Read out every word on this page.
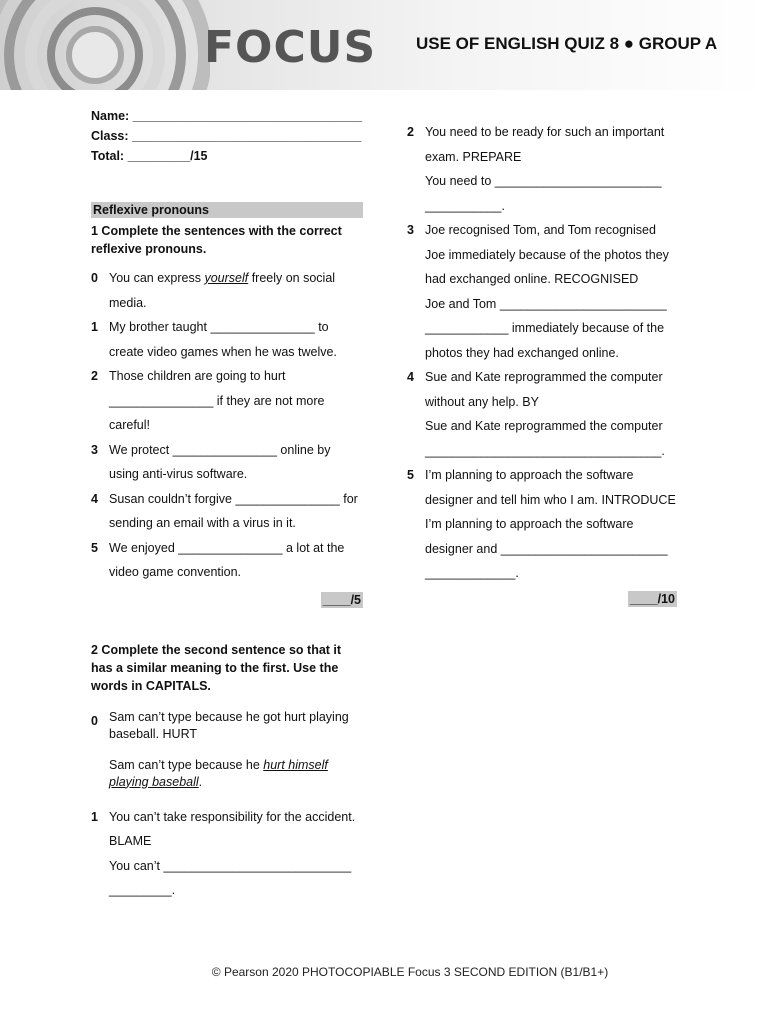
FOCUS USE OF ENGLISH QUIZ 8 ● GROUP A
Name: _________________________________
Class: _________________________________
Total: _________/15
Reflexive pronouns
1 Complete the sentences with the correct reflexive pronouns.
0 You can express yourself freely on social media.
1 My brother taught _______________ to create video games when he was twelve.
2 Those children are going to hurt _______________ if they are not more careful!
3 We protect _______________ online by using anti-virus software.
4 Susan couldn’t forgive _______________ for sending an email with a virus in it.
5 We enjoyed _______________ a lot at the video game convention.
____/5
2 Complete the second sentence so that it has a similar meaning to the first. Use the words in CAPITALS.
0 Sam can’t type because he got hurt playing baseball. HURT
Sam can’t type because he hurt himself playing baseball.
1 You can’t take responsibility for the accident. BLAME
You can’t ___________________________ _________.
2 You need to be ready for such an important exam. PREPARE
You need to ________________________ ___________.
3 Joe recognised Tom, and Tom recognised Joe immediately because of the photos they had exchanged online. RECOGNISED
Joe and Tom ________________________ ____________ immediately because of the photos they had exchanged online.
4 Sue and Kate reprogrammed the computer without any help. BY
Sue and Kate reprogrammed the computer __________________________________.
5 I’m planning to approach the software designer and tell him who I am. INTRODUCE
I’m planning to approach the software designer and ________________________ _____________.
____/10
© Pearson 2020 PHOTOCOPIABLE Focus 3 SECOND EDITION (B1/B1+)
